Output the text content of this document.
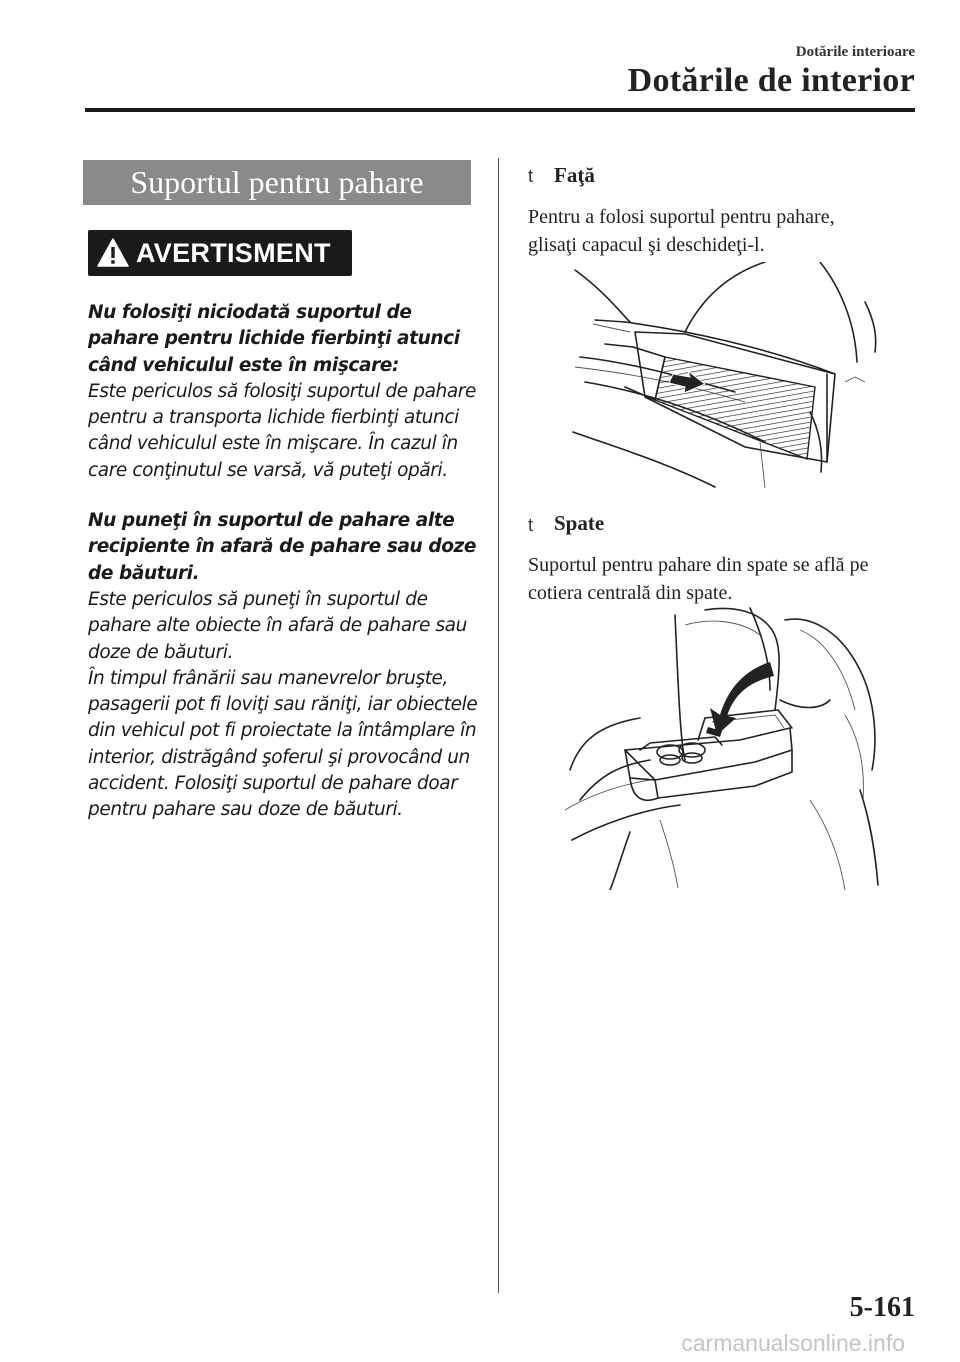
Dotările interioare
Dotările de interior
Suportul pentru pahare
AVERTISMENT

Nu folosiţi niciodată suportul de pahare pentru lichide fierbinţi atunci când vehiculul este în mişcare:

Este periculos să folosiţi suportul de pahare pentru a transporta lichide fierbinţi atunci când vehiculul este în mişcare. În cazul în care conţinutul se varsă, vă puteţi opări.

Nu puneţi în suportul de pahare alte recipiente în afară de pahare sau doze de băuturi.

Este periculos să puneţi în suportul de pahare alte obiecte în afară de pahare sau doze de băuturi.

În timpul frânării sau manevrelor bruşte, pasagerii pot fi loviţi sau răniţi, iar obiectele din vehicul pot fi proiectate la întâmplare în interior, distrăgând şoferul şi provocând un accident. Folosiţi suportul de pahare doar pentru pahare sau doze de băuturi.

t Faţă
Pentru a folosi suportul pentru pahare,
glisaţi capacul şi deschideţi-l.
t Spate
Suportul pentru pahare din spate se află pe
cotiera centrală din spate.
5-161
carmanualsonline.info
